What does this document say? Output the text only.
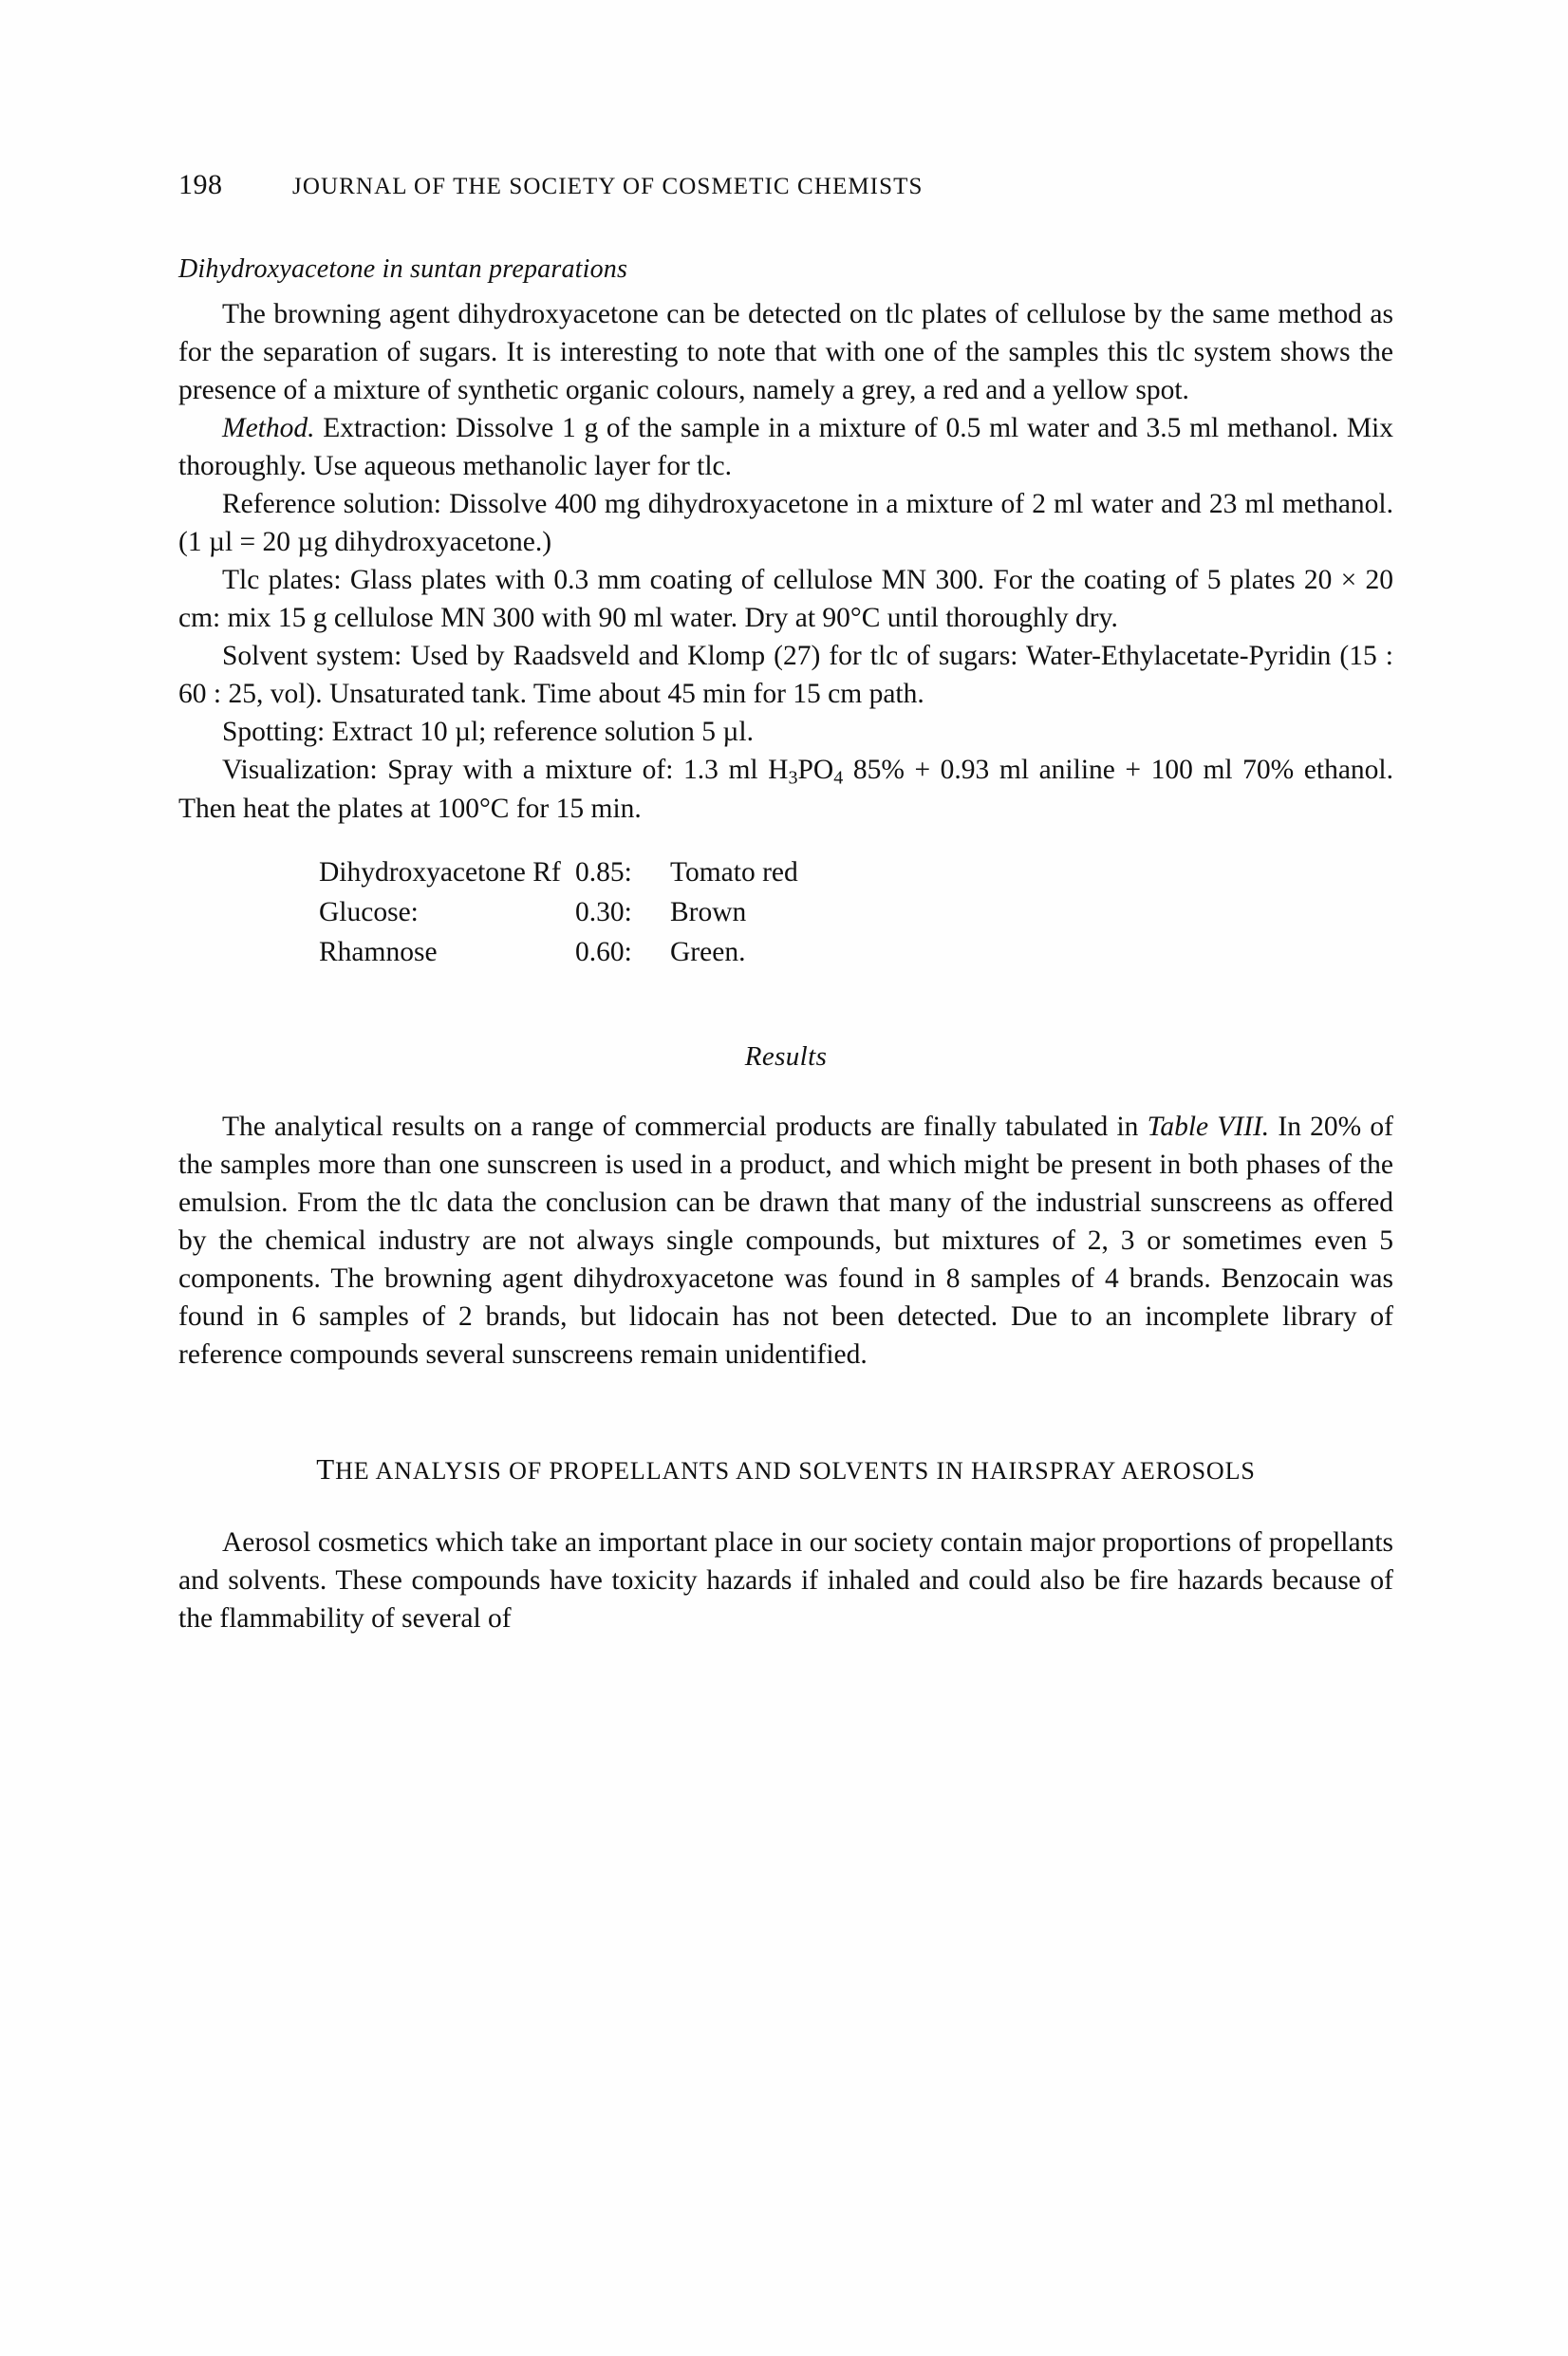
198	JOURNAL OF THE SOCIETY OF COSMETIC CHEMISTS
Dihydroxyacetone in suntan preparations

The browning agent dihydroxyacetone can be detected on tlc plates of cellulose by the same method as for the separation of sugars. It is interesting to note that with one of the samples this tlc system shows the presence of a mixture of synthetic organic colours, namely a grey, a red and a yellow spot.

Method. Extraction: Dissolve 1 g of the sample in a mixture of 0.5 ml water and 3.5 ml methanol. Mix thoroughly. Use aqueous methanolic layer for tlc.

Reference solution: Dissolve 400 mg dihydroxyacetone in a mixture of 2 ml water and 23 ml methanol. (1 µl = 20 µg dihydroxyacetone.)

Tlc plates: Glass plates with 0.3 mm coating of cellulose MN 300. For the coating of 5 plates 20 × 20 cm: mix 15 g cellulose MN 300 with 90 ml water. Dry at 90°C until thoroughly dry.

Solvent system: Used by Raadsveld and Klomp (27) for tlc of sugars: Water-Ethylacetate-Pyridin (15 : 60 : 25, vol). Unsaturated tank. Time about 45 min for 15 cm path.

Spotting: Extract 10 µl; reference solution 5 µl.

Visualization: Spray with a mixture of: 1.3 ml $H_3PO_4$ 85% + 0.93 ml aniline + 100 ml 70% ethanol. Then heat the plates at 100°C for 15 min.

Dihydroxyacetone Rf 0.85:	Tomato red
Glucose:	0.30:	Brown
Rhamnose	0.60:	Green.
Results

The analytical results on a range of commercial products are finally tabulated in Table VIII. In 20% of the samples more than one sunscreen is used in a product, and which might be present in both phases of the emulsion. From the tlc data the conclusion can be drawn that many of the industrial sunscreens as offered by the chemical industry are not always single compounds, but mixtures of 2, 3 or sometimes even 5 components. The browning agent dihydroxyacetone was found in 8 samples of 4 brands. Benzocain was found in 6 samples of 2 brands, but lidocain has not been detected. Due to an incomplete library of reference compounds several sunscreens remain unidentified.

THE ANALYSIS OF PROPELLANTS AND SOLVENTS IN HAIRSPRAY AEROSOLS

Aerosol cosmetics which take an important place in our society contain major proportions of propellants and solvents. These compounds have toxicity hazards if inhaled and could also be fire hazards because of the flammability of several of
